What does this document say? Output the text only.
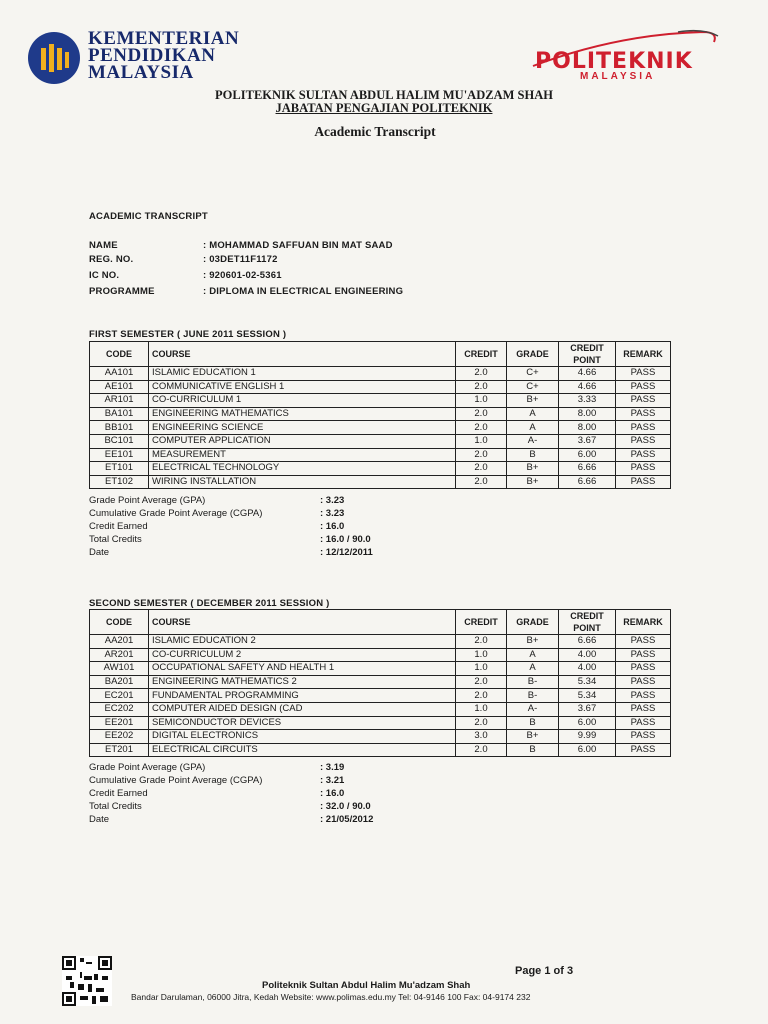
KEMENTERIAN
PENDIDIKAN
MALAYSIA	POLITEKNIK
MALAYSIA
POLITEKNIK SULTAN ABDUL HALIM MU'ADZAM SHAH
JABATAN PENGAJIAN POLITEKNIK
Academic Transcript
ACADEMIC TRANSCRIPT
NAME	: MOHAMMAD SAFFUAN BIN MAT SAAD
REG. NO.	: 03DET11F1172
IC NO.	: 920601-02-5361
PROGRAMME	: DIPLOMA IN ELECTRICAL ENGINEERING
FIRST SEMESTER ( JUNE 2011 SESSION )
CODE	COURSE	CREDIT	GRADE	CREDIT POINT	REMARK
AA101	ISLAMIC EDUCATION 1	2.0	C+	4.66	PASS
AE101	COMMUNICATIVE ENGLISH 1	2.0	C+	4.66	PASS
AR101	CO-CURRICULUM 1	1.0	B+	3.33	PASS
BA101	ENGINEERING MATHEMATICS	2.0	A	8.00	PASS
BB101	ENGINEERING SCIENCE	2.0	A	8.00	PASS
BC101	COMPUTER APPLICATION	1.0	A-	3.67	PASS
EE101	MEASUREMENT	2.0	B	6.00	PASS
ET101	ELECTRICAL TECHNOLOGY	2.0	B+	6.66	PASS
ET102	WIRING INSTALLATION	2.0	B+	6.66	PASS
Grade Point Average (GPA)	: 3.23
Cumulative Grade Point Average (CGPA)	: 3.23
Credit Earned	: 16.0
Total Credits	: 16.0 / 90.0
Date	: 12/12/2011
SECOND SEMESTER ( DECEMBER 2011 SESSION )
CODE	COURSE	CREDIT	GRADE	CREDIT POINT	REMARK
AA201	ISLAMIC EDUCATION 2	2.0	B+	6.66	PASS
AR201	CO-CURRICULUM 2	1.0	A	4.00	PASS
AW101	OCCUPATIONAL SAFETY AND HEALTH 1	1.0	A	4.00	PASS
BA201	ENGINEERING MATHEMATICS 2	2.0	B-	5.34	PASS
EC201	FUNDAMENTAL PROGRAMMING	2.0	B-	5.34	PASS
EC202	COMPUTER AIDED DESIGN (CAD	1.0	A-	3.67	PASS
EE201	SEMICONDUCTOR DEVICES	2.0	B	6.00	PASS
EE202	DIGITAL ELECTRONICS	3.0	B+	9.99	PASS
ET201	ELECTRICAL CIRCUITS	2.0	B	6.00	PASS
Grade Point Average (GPA)	: 3.19
Cumulative Grade Point Average (CGPA)	: 3.21
Credit Earned	: 16.0
Total Credits	: 32.0 / 90.0
Date	: 21/05/2012
Page 1 of 3
Politeknik Sultan Abdul Halim Mu'adzam Shah
Bandar Darulaman, 06000 Jitra, Kedah Website: www.polimas.edu.my Tel: 04-9146 100 Fax: 04-9174 232
